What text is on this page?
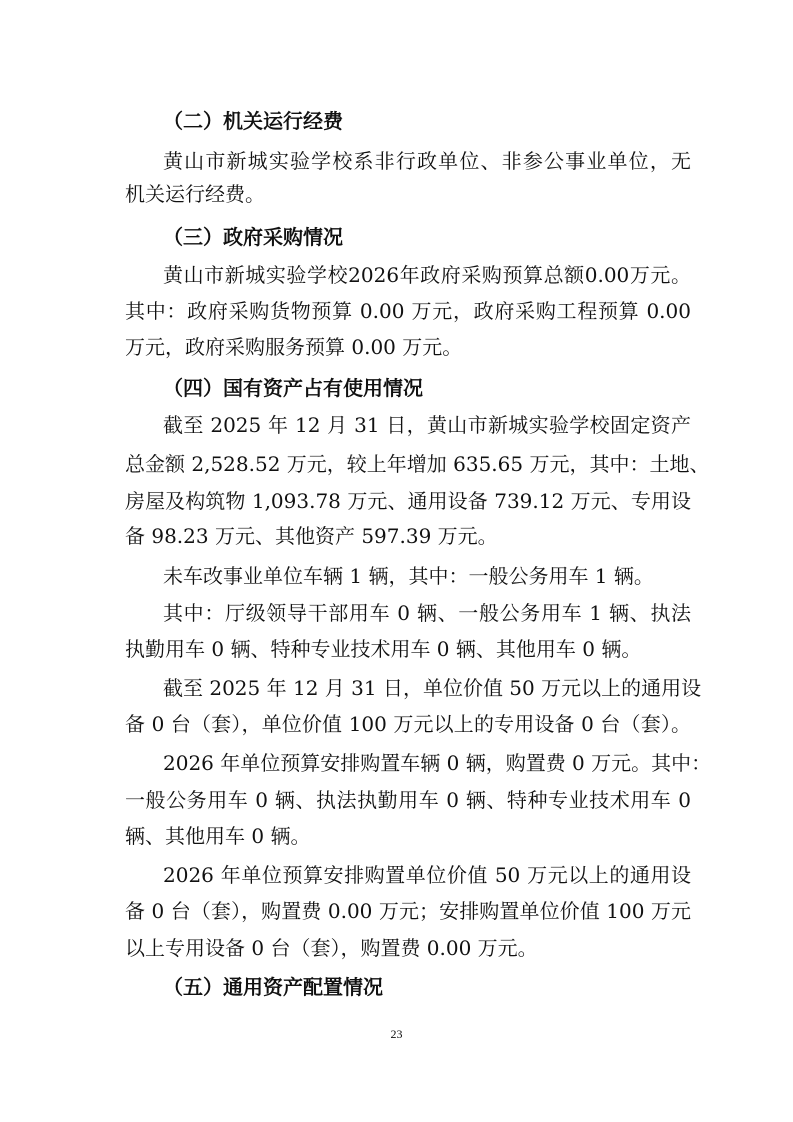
（二）机关运行经费
黄山市新城实验学校系非行政单位、非参公事业单位，无
机关运行经费。
（三）政府采购情况
黄山市新城实验学校2026年政府采购预算总额0.00万元。
其中：政府采购货物预算 0.00 万元，政府采购工程预算 0.00
万元，政府采购服务预算 0.00 万元。
（四）国有资产占有使用情况
截至 2025 年 12 月 31 日，黄山市新城实验学校固定资产
总金额 2,528.52 万元，较上年增加 635.65 万元，其中：土地、
房屋及构筑物 1,093.78 万元、通用设备 739.12 万元、专用设
备 98.23 万元、其他资产 597.39 万元。
未车改事业单位车辆 1 辆，其中：一般公务用车 1 辆。
其中：厅级领导干部用车 0 辆、一般公务用车 1 辆、执法
执勤用车 0 辆、特种专业技术用车 0 辆、其他用车 0 辆。
截至 2025 年 12 月 31 日，单位价值 50 万元以上的通用设
备 0 台（套），单位价值 100 万元以上的专用设备 0 台（套）。
2026 年单位预算安排购置车辆 0 辆，购置费 0 万元。其中：
一般公务用车 0 辆、执法执勤用车 0 辆、特种专业技术用车 0
辆、其他用车 0 辆。
2026 年单位预算安排购置单位价值 50 万元以上的通用设
备 0 台（套），购置费 0.00 万元；安排购置单位价值 100 万元
以上专用设备 0 台（套），购置费 0.00 万元。
（五）通用资产配置情况
23
